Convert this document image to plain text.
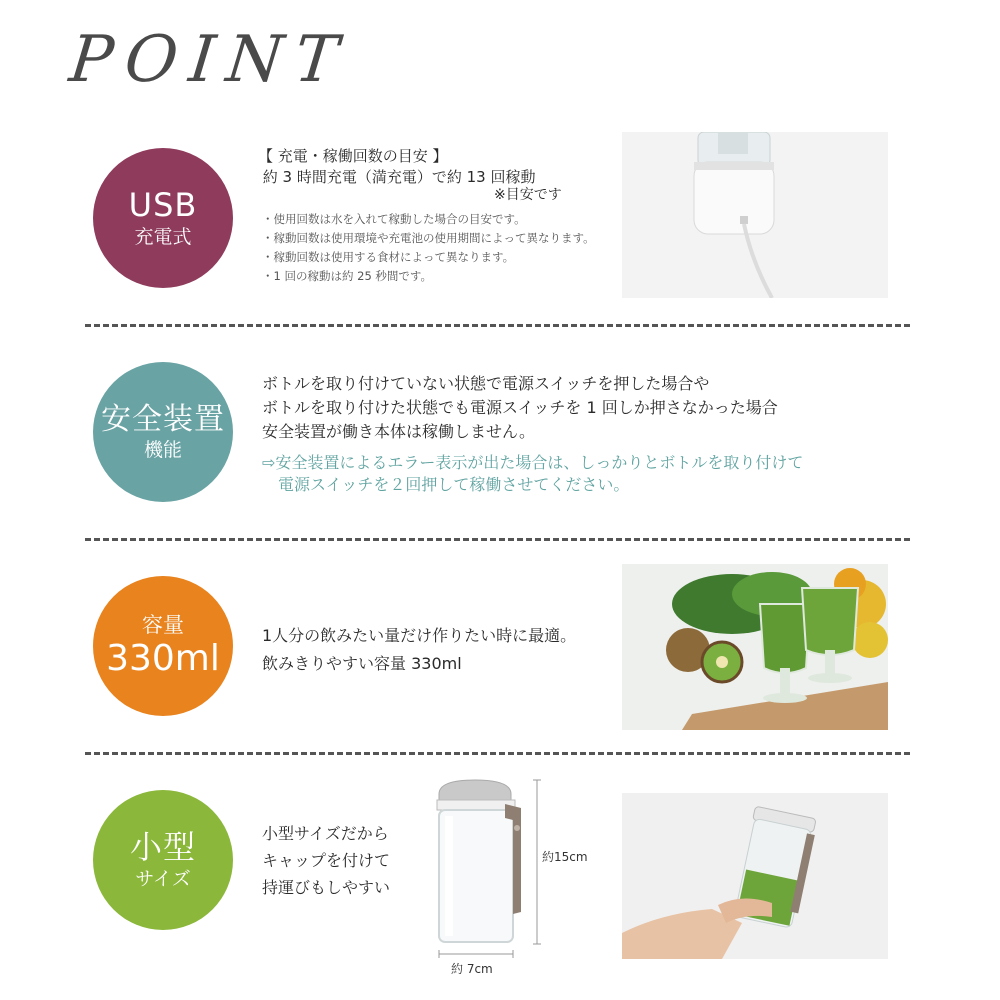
POINT
USB
充電式
【 充電・稼働回数の目安 】
約 3 時間充電（満充電）で約 13 回稼動
※目安です
・使用回数は水を入れて稼動した場合の目安です。
・稼動回数は使用環境や充電池の使用期間によって異なります。
・稼動回数は使用する食材によって異なります。
・1 回の稼動は約 25 秒間です。
安全装置
機能
ボトルを取り付けていない状態で電源スイッチを押した場合や
ボトルを取り付けた状態でも電源スイッチを 1 回しか押さなかった場合
安全装置が働き本体は稼働しません。
⇨安全装置によるエラー表示が出た場合は、しっかりとボトルを取り付けて
　電源スイッチを２回押して稼働させてください。
容量
330ml
1人分の飲みたい量だけ作りたい時に最適。
飲みきりやすい容量 330ml
小型
サイズ
小型サイズだから
キャップを付けて
持運びもしやすい
約15cm
約 7cm
